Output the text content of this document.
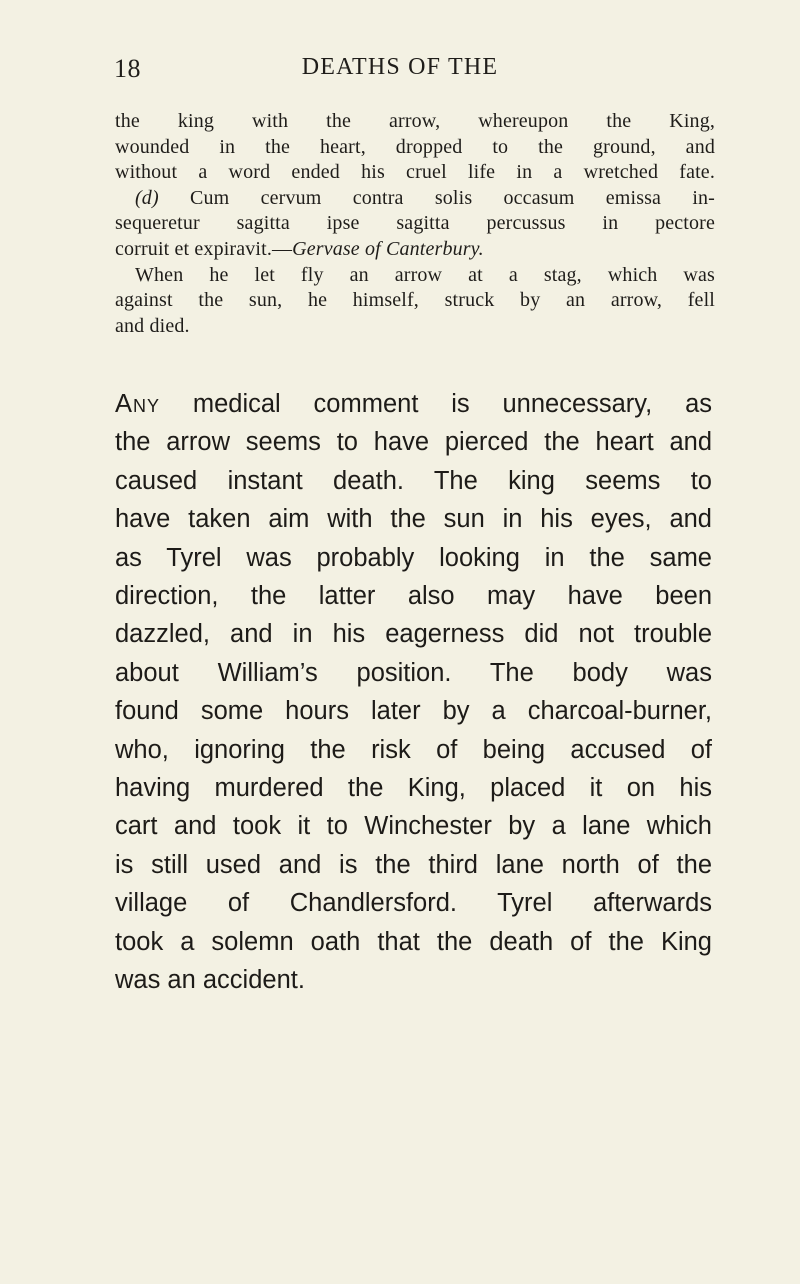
18	DEATHS OF THE
the king with the arrow, whereupon the King,
wounded in the heart, dropped to the ground, and
without a word ended his cruel life in a wretched fate.
(d) Cum cervum contra solis occasum emissa in-
sequeretur sagitta ipse sagitta percussus in pectore
corruit et expiravit.—Gervase of Canterbury.
When he let fly an arrow at a stag, which was
against the sun, he himself, struck by an arrow, fell
and died.
Any medical comment is unnecessary, as
the arrow seems to have pierced the heart and
caused instant death. The king seems to
have taken aim with the sun in his eyes, and
as Tyrel was probably looking in the same
direction, the latter also may have been
dazzled, and in his eagerness did not trouble
about William’s position. The body was
found some hours later by a charcoal-burner,
who, ignoring the risk of being accused of
having murdered the King, placed it on his
cart and took it to Winchester by a lane which
is still used and is the third lane north of the
village of Chandlersford. Tyrel afterwards
took a solemn oath that the death of the King
was an accident.
